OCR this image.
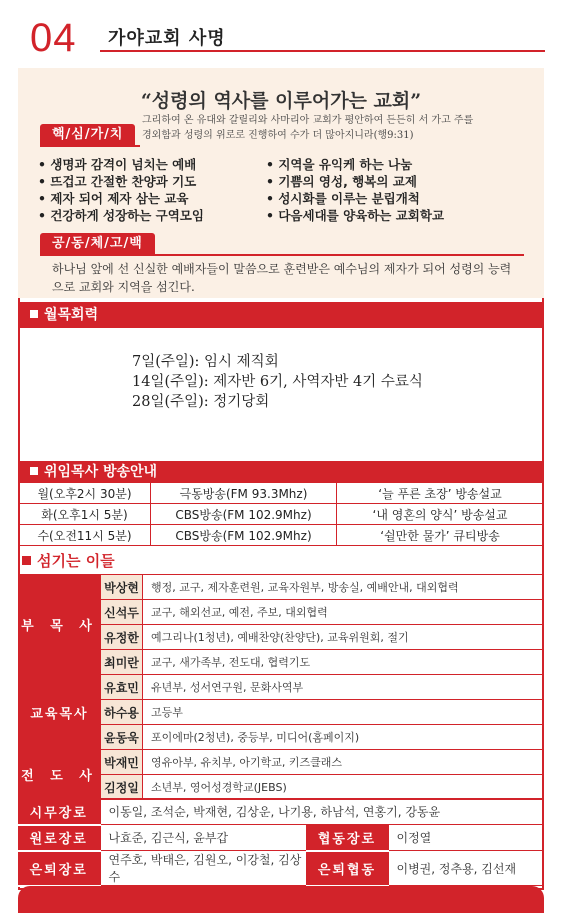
04 가야교회 사명
“성령의 역사를 이루어가는 교회”
그리하여 온 유대와 갈릴리와 사마리아 교회가 평안하여 든든히 서 가고 주를 경외함과 성령의 위로로 진행하여 수가 더 많아지니라(행9:31)
핵/심/가/치
• 생명과 감격이 넘치는 예배
• 뜨겁고 간절한 찬양과 기도
• 제자 되어 제자 삼는 교육
• 건강하게 성장하는 구역모임
• 지역을 유익케 하는 나눔
• 기쁨의 영성, 행복의 교제
• 성시화를 이루는 분립개척
• 다음세대를 양육하는 교회학교
공/동/체/고/백
하나님 앞에 선 신실한 예배자들이 말씀으로 훈련받은 예수님의 제자가 되어 성령의 능력으로 교회와 지역을 섬긴다.
월목회력
7일(주일): 임시 제직회
14일(주일): 제자반 6기, 사역자반 4기 수료식
28일(주일): 정기당회
위임목사 방송안내
월(오후2시 30분)	극동방송(FM 93.3Mhz)	‘늘 푸른 초장’ 방송설교
화(오후1시 5분)	CBS방송(FM 102.9Mhz)	‘내 영혼의 양식’ 방송설교
수(오전11시 5분)	CBS방송(FM 102.9Mhz)	‘쉴만한 물가’ 큐티방송
섬기는 이들
부 목 사	박상현	행정, 교구, 제자훈련원, 교육자원부, 방송실, 예배안내, 대외협력
	신석두	교구, 해외선교, 예전, 주보, 대외협력
	유정한	예그리나(1청년), 예배찬양(찬양단), 교육위원회, 절기
	최미란	교구, 새가족부, 전도대, 협력기도
교육목사	유효민	유년부, 성서연구원, 문화사역부
	하수용	고등부
	윤동욱	포이에마(2청년), 중등부, 미디어(홈페이지)
전 도 사	박재민	영유아부, 유치부, 아기학교, 키즈클래스
	김정일	소년부, 영어성경학교(JEBS)
시무장로	이동일, 조석순, 박재현, 김상운, 나기용, 하남석, 연홍기, 강동윤		
원로장로	나효준, 김근식, 윤부갑	협동장로	이정열
은퇴장로	연주호, 박태은, 김원오, 이강철, 김상수	은퇴협동	이병권, 정추용, 김선재
